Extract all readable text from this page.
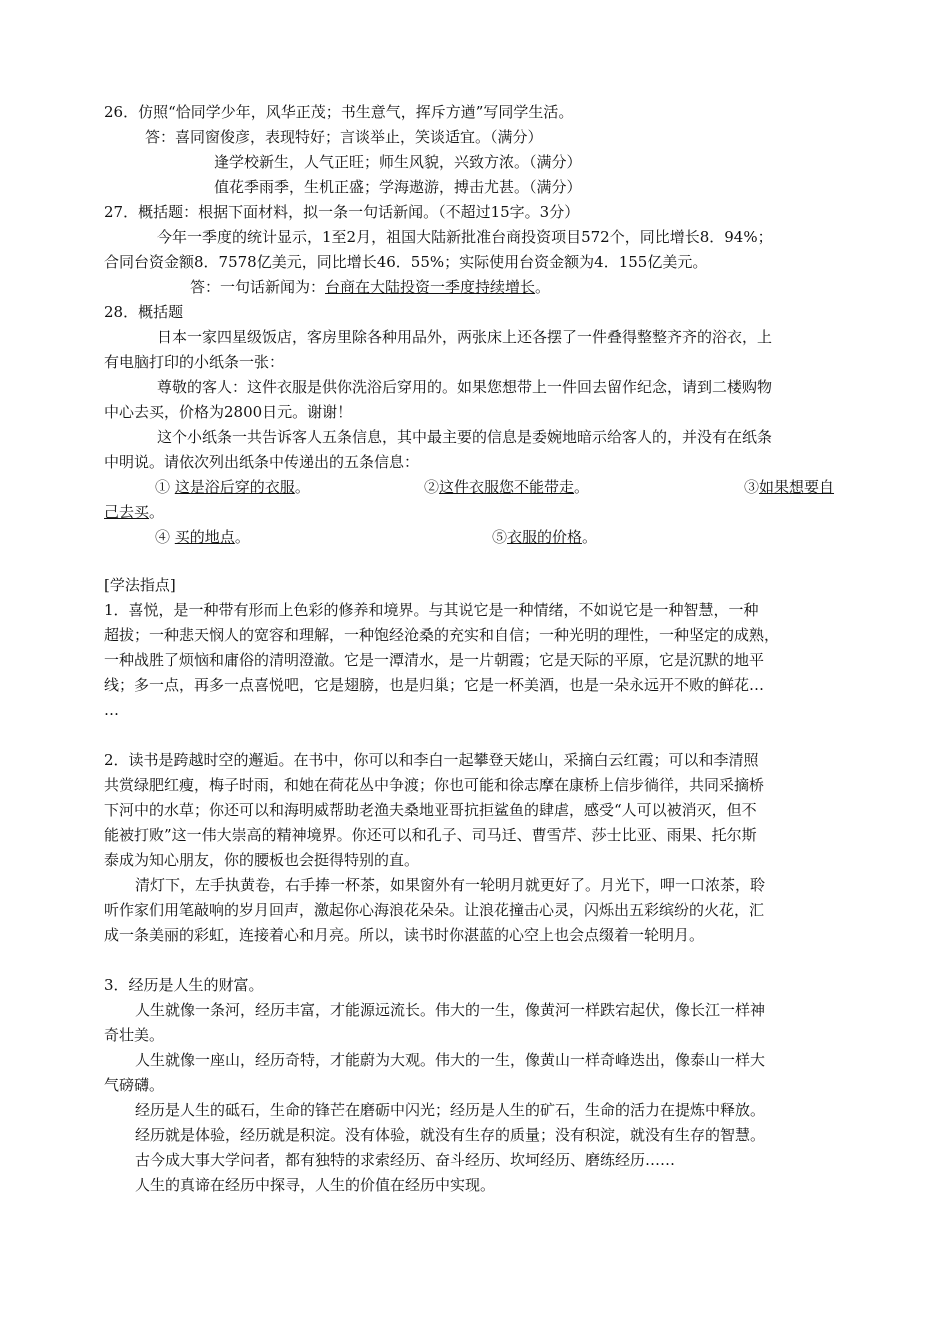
26．仿照“恰同学少年，风华正茂；书生意气，挥斥方遒”写同学生活。
答：喜同窗俊彦，表现特好；言谈举止，笑谈适宜。（满分）
逢学校新生，人气正旺；师生风貌，兴致方浓。（满分）
值花季雨季，生机正盛；学海遨游，搏击尤甚。（满分）
27．概括题：根据下面材料，拟一条一句话新闻。（不超过15字。3分）
今年一季度的统计显示，1至2月，祖国大陆新批准台商投资项目572个，同比增长8．94%；
合同台资金额8．7578亿美元，同比增长46．55%；实际使用台资金额为4．155亿美元。
答：一句话新闻为：台商在大陆投资一季度持续增长。
28．概括题
日本一家四星级饭店，客房里除各种用品外，两张床上还各摆了一件叠得整整齐齐的浴衣，上
有电脑打印的小纸条一张：
尊敬的客人：这件衣服是供你洗浴后穿用的。如果您想带上一件回去留作纪念，请到二楼购物
中心去买，价格为2800日元。谢谢！
这个小纸条一共告诉客人五条信息，其中最主要的信息是委婉地暗示给客人的，并没有在纸条
中明说。请依次列出纸条中传递出的五条信息：
① 这是浴后穿的衣服。	②这件衣服您不能带走。	③如果想要自
己去买。
④ 买的地点。	⑤衣服的价格。
[学法指点]
1．喜悦，是一种带有形而上色彩的修养和境界。与其说它是一种情绪，不如说它是一种智慧，一种
超拔；一种悲天悯人的宽容和理解，一种饱经沧桑的充实和自信；一种光明的理性，一种坚定的成熟，
一种战胜了烦恼和庸俗的清明澄澈。它是一潭清水，是一片朝霞；它是天际的平原，它是沉默的地平
线；多一点，再多一点喜悦吧，它是翅膀，也是归巢；它是一杯美酒，也是一朵永远开不败的鲜花…
…
2．读书是跨越时空的邂逅。在书中，你可以和李白一起攀登天姥山，采摘白云红霞；可以和李清照
共赏绿肥红瘦，梅子时雨，和她在荷花丛中争渡；你也可能和徐志摩在康桥上信步徜徉，共同采摘桥
下河中的水草；你还可以和海明威帮助老渔夫桑地亚哥抗拒鲨鱼的肆虐，感受“人可以被消灭，但不
能被打败”这一伟大崇高的精神境界。你还可以和孔子、司马迁、曹雪芹、莎士比亚、雨果、托尔斯
泰成为知心朋友，你的腰板也会挺得特别的直。
清灯下，左手执黄卷，右手捧一杯茶，如果窗外有一轮明月就更好了。月光下，呷一口浓茶，聆
听作家们用笔敲响的岁月回声，激起你心海浪花朵朵。让浪花撞击心灵，闪烁出五彩缤纷的火花，汇
成一条美丽的彩虹，连接着心和月亮。所以，读书时你湛蓝的心空上也会点缀着一轮明月。
3．经历是人生的财富。
人生就像一条河，经历丰富，才能源远流长。伟大的一生，像黄河一样跌宕起伏，像长江一样神
奇壮美。
人生就像一座山，经历奇特，才能蔚为大观。伟大的一生，像黄山一样奇峰迭出，像泰山一样大
气磅礴。
经历是人生的砥石，生命的锋芒在磨砺中闪光；经历是人生的矿石，生命的活力在提炼中释放。
经历就是体验，经历就是积淀。没有体验，就没有生存的质量；没有积淀，就没有生存的智慧。
古今成大事大学问者，都有独特的求索经历、奋斗经历、坎坷经历、磨练经历……
人生的真谛在经历中探寻，人生的价值在经历中实现。
